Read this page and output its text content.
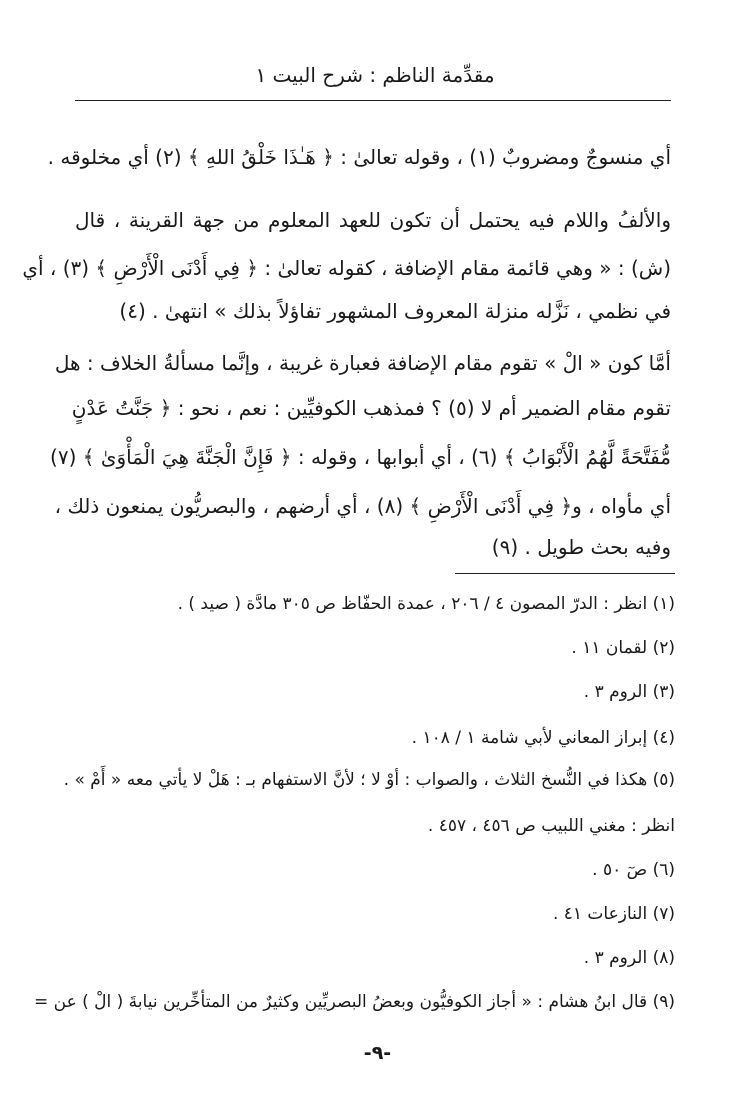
مقدِّمة الناظم : شرح البيت ١
أي منسوجٌ ومضروبٌ (١) ، وقوله تعالىٰ : ﴿ هَـٰذَا خَلْقُ اللهِ ﴾ (٢) أي مخلوقه .
والألفُ واللام فيه يحتمل أن تكون للعهد المعلوم من جهة القرينة ، قال
(ش) : « وهي قائمة مقام الإضافة ، كقوله تعالىٰ : ﴿ فِي أَدْنَى الْأَرْضِ ﴾ (٣) ، أي
في نظمي ، نَزَّله منزلة المعروف المشهور تفاؤلاً بذلك » انتهىٰ . (٤)
أمَّا كون « الْ » تقوم مقام الإضافة فعبارة غريبة ، وإنَّما مسألةُ الخلاف : هل
تقوم مقام الضمير أم لا (٥) ؟ فمذهب الكوفيِّين : نعم ، نحو : ﴿ جَنَّتُ عَدْنٍ
مُّفَتَّحَةً لَّهُمُ الْأَبْوَابُ ﴾ (٦) ، أي أبوابها ، وقوله : ﴿ فَإِنَّ الْجَنَّةَ هِيَ الْمَأْوَىٰ ﴾ (٧)
أي مأواه ، و﴿ فِي أَدْنَى الْأَرْضِ ﴾ (٨) ، أي أرضهم ، والبصريُّون يمنعون ذلك ،
وفيه بحث طويل . (٩)
(١) انظر : الدرّ المصون ٤ / ٢٠٦ ، عمدة الحفّاظ ص ٣٠٥ مادَّة ( صيد ) .
(٢) لقمان ١١ .
(٣) الروم ٣ .
(٤) إبراز المعاني لأبي شامة ١ / ١٠٨ .
(٥) هكذا في النُّسخ الثلاث ، والصواب : أوْ لا ؛ لأنَّ الاستفهام بـ : هَلْ لا يأتي معه « أَمْ » .
انظر : مغني اللبيب ص ٤٥٦ ، ٤٥٧ .
(٦) صٓ ٥٠ .
(٧) النازعات ٤١ .
(٨) الروم ٣ .
(٩) قال ابنُ هشام : « أجاز الكوفيُّون وبعضُ البصريِّين وكثيرٌ من المتأخِّرين نيابةَ ( الْ ) عن =
-٩-
